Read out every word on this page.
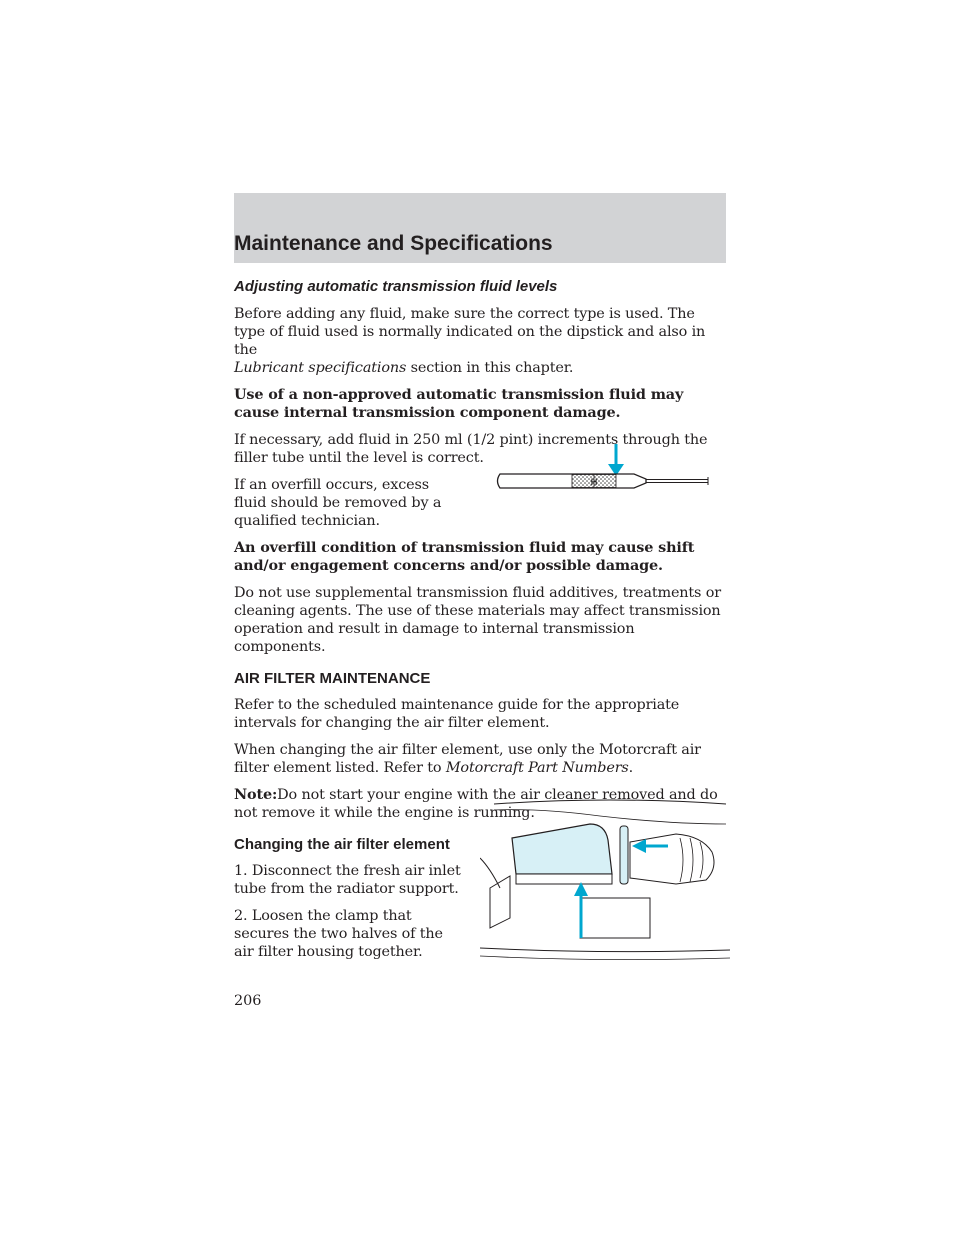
Maintenance and Specifications

Adjusting automatic transmission fluid levels

Before adding any fluid, make sure the correct type is used. The type of fluid used is normally indicated on the dipstick and also in the
Lubricant specifications section in this chapter.

Use of a non-approved automatic transmission fluid may cause internal transmission component damage.

If necessary, add fluid in 250 ml (1/2 pint) increments through the filler tube until the level is correct.

If an overfill occurs, excess fluid should be removed by a qualified technician.

An overfill condition of transmission fluid may cause shift and/or engagement concerns and/or possible damage.

Do not use supplemental transmission fluid additives, treatments or cleaning agents. The use of these materials may affect transmission operation and result in damage to internal transmission components.

AIR FILTER MAINTENANCE

Refer to the scheduled maintenance guide for the appropriate intervals for changing the air filter element.

When changing the air filter element, use only the Motorcraft air filter element listed. Refer to Motorcraft Part Numbers.

Note:Do not start your engine with the air cleaner removed and do not remove it while the engine is running.

Changing the air filter element

1. Disconnect the fresh air inlet tube from the radiator support.

2. Loosen the clamp that secures the two halves of the air filter housing together.

H
206
